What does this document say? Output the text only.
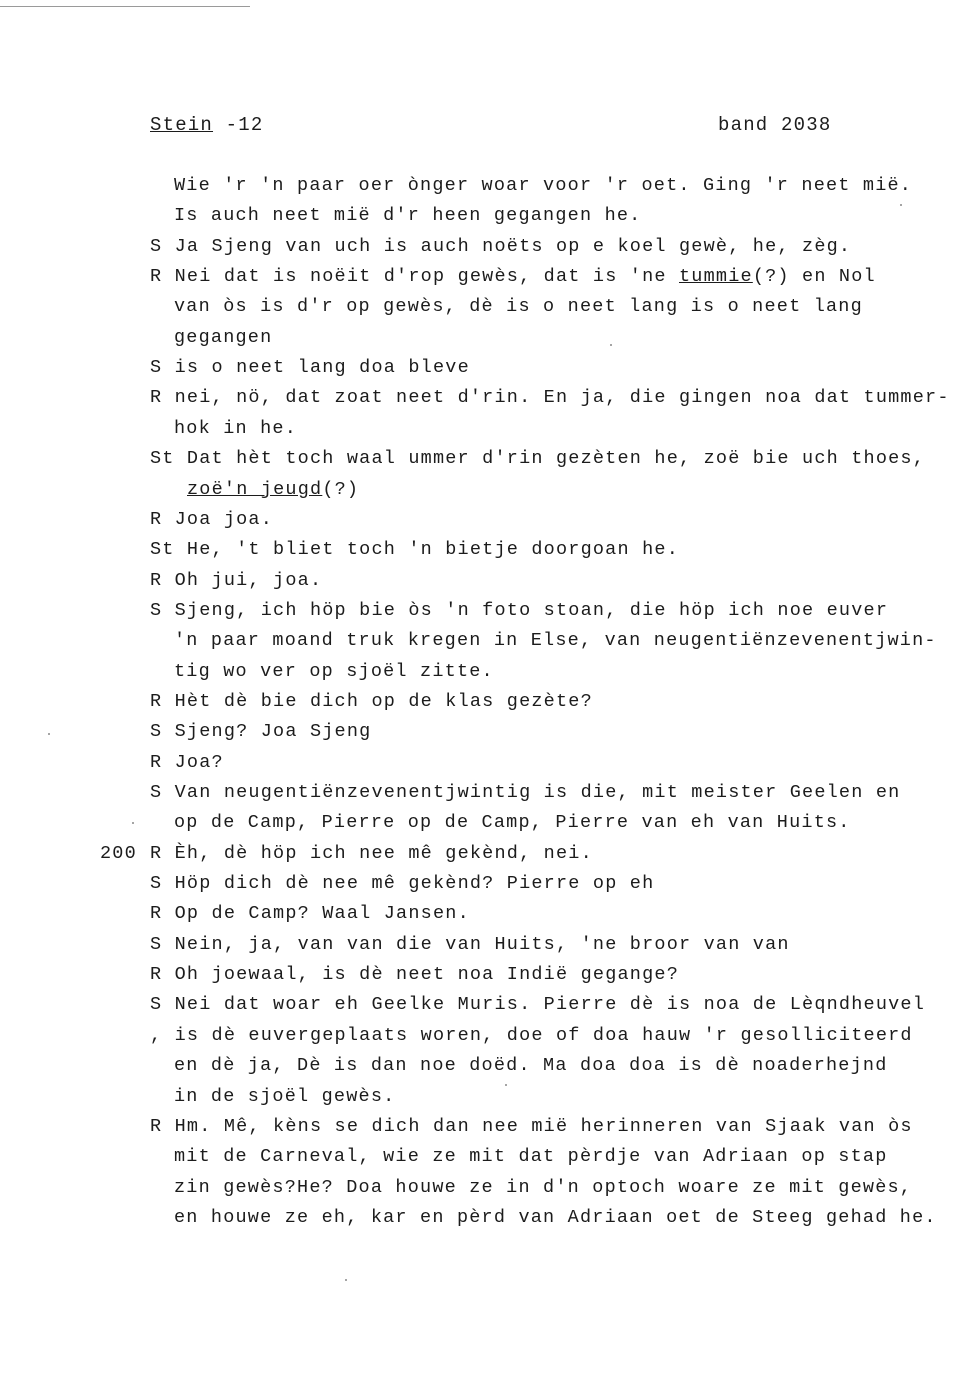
Stein -12	band 2038
Wie 'r 'n paar oer ònger woar voor 'r oet. Ging 'r neet mië.
Is auch neet mië d'r heen gegangen he.
S Ja Sjeng van uch is auch noëts op e koel gewè, he, zèg.
R Nei dat is noëit d'rop gewès, dat is 'ne tummie(?) en Nol
van òs is d'r op gewès, dè is o neet lang is o neet lang
gegangen
S is o neet lang doa bleve
R nei, nö, dat zoat neet d'rin. En ja, die gingen noa dat tummer-
hok in he.
St Dat hèt toch waal ummer d'rin gezèten he, zoë bie uch thoes,
zoë'n jeugd(?)
R Joa joa.
St He, 't bliet toch 'n bietje doorgoan he.
R Oh jui, joa.
S Sjeng, ich höp bie òs 'n foto stoan, die höp ich noe euver
'n paar moand truk kregen in Else, van neugentiënzevenentjwin-
tig wo ver op sjoël zitte.
R Hèt dè bie dich op de klas gezète?
S Sjeng? Joa Sjeng
R Joa?
S Van neugentiënzevenentjwintig is die, mit meister Geelen en
op de Camp, Pierre op de Camp, Pierre van eh van Huits.
200 R Èh, dè höp ich nee mê gekènd, nei.
S Höp dich dè nee mê gekènd? Pierre op eh
R Op de Camp? Waal Jansen.
S Nein, ja, van van die van Huits, 'ne broor van van
R Oh joewaal, is dè neet noa Indië gegange?
S Nei dat woar eh Geelke Muris. Pierre dè is noa de Lèqndheuvel
, is dè euvergeplaats woren, doe of doa hauw 'r gesolliciteerd
en dè ja, Dè is dan noe doëd. Ma doa doa is dè noaderhejnd
in de sjoël gewès.
R Hm. Mê, kèns se dich dan nee mië herinneren van Sjaak van òs
mit de Carneval, wie ze mit dat pèrdje van Adriaan op stap
zin gewès?He? Doa houwe ze in d'n optoch woare ze mit gewès,
en houwe ze eh, kar en pèrd van Adriaan oet de Steeg gehad he.
